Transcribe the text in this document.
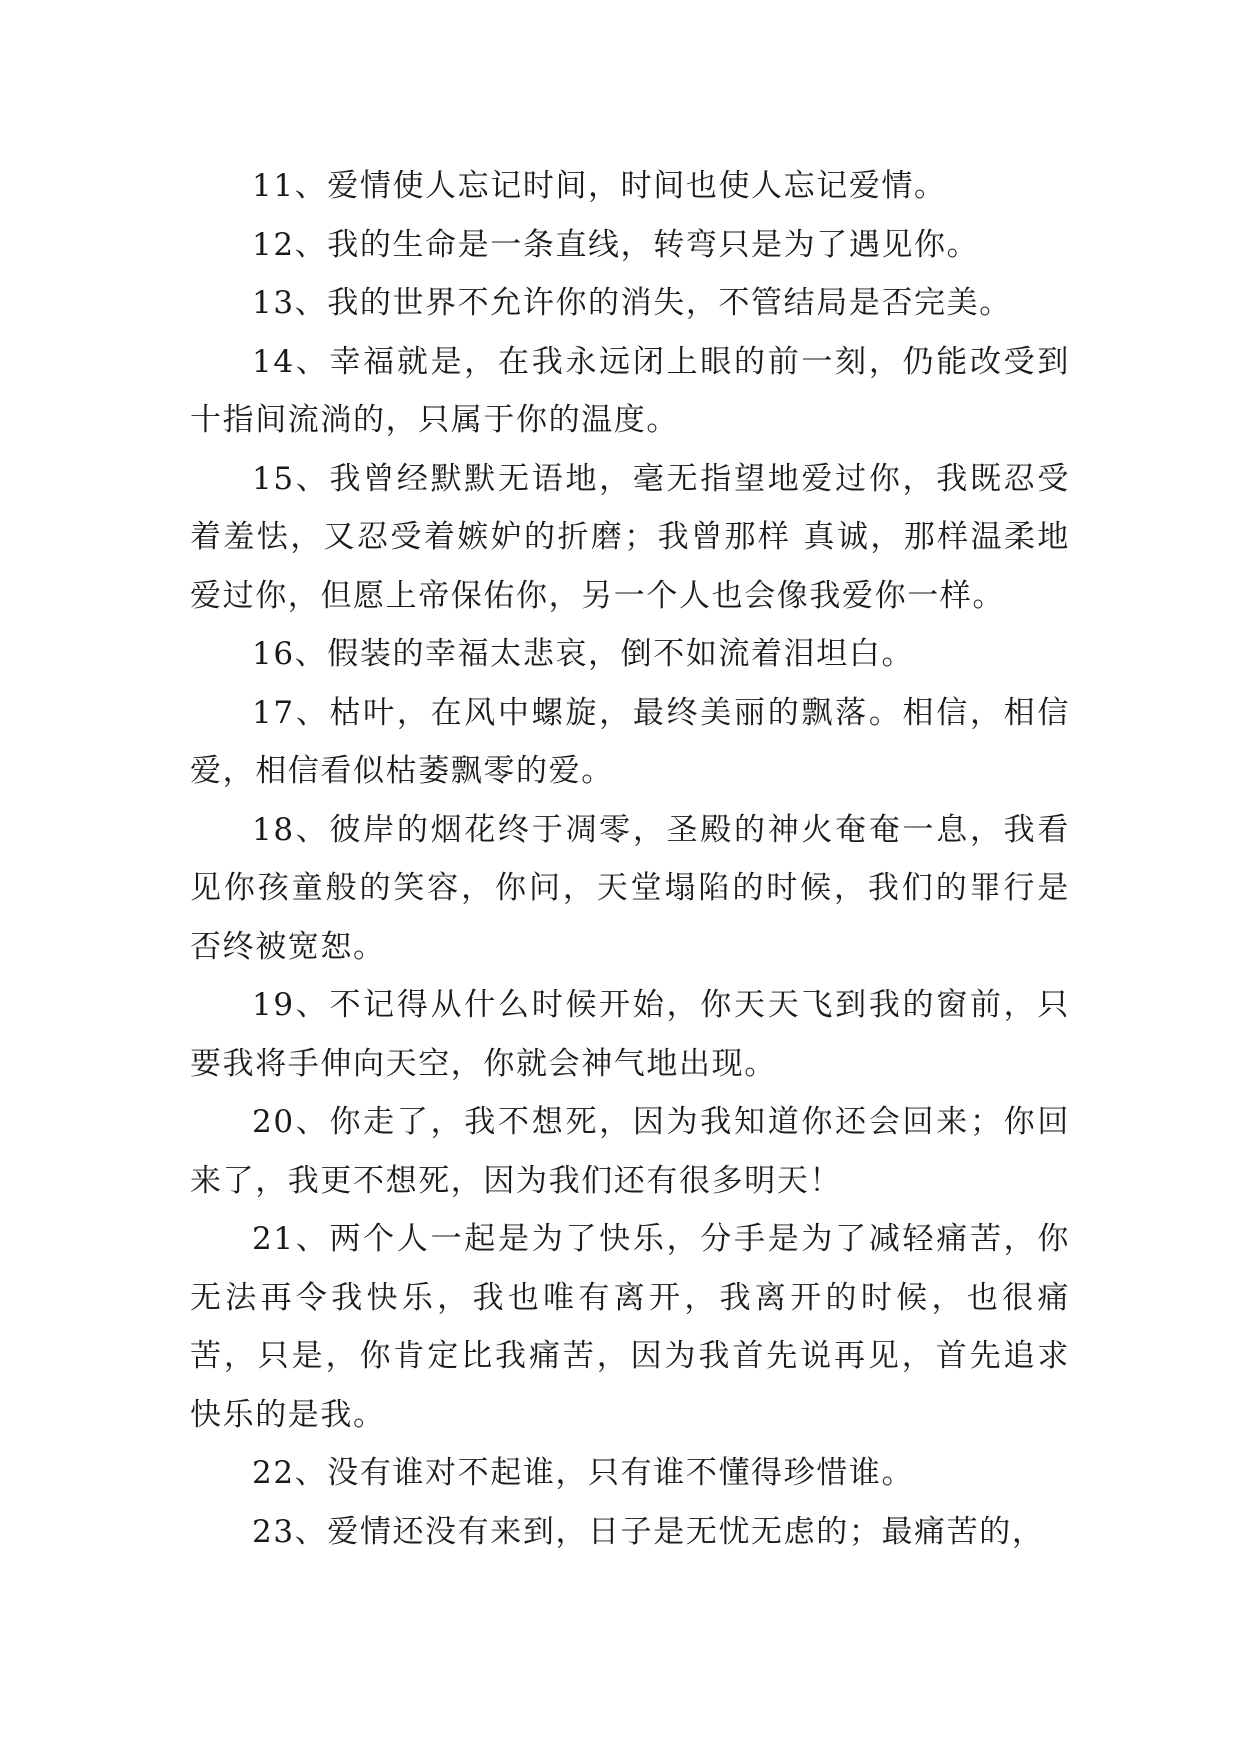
11、爱情使人忘记时间，时间也使人忘记爱情。

12、我的生命是一条直线，转弯只是为了遇见你。

13、我的世界不允许你的消失，不管结局是否完美。

14、幸福就是，在我永远闭上眼的前一刻，仍能改受到十指间流淌的，只属于你的温度。

15、我曾经默默无语地，毫无指望地爱过你，我既忍受着羞怯，又忍受着嫉妒的折磨；我曾那样 真诚，那样温柔地爱过你，但愿上帝保佑你，另一个人也会像我爱你一样。

16、假装的幸福太悲哀，倒不如流着泪坦白。

17、枯叶，在风中螺旋，最终美丽的飘落。相信，相信爱，相信看似枯萎飘零的爱。

18、彼岸的烟花终于凋零，圣殿的神火奄奄一息，我看见你孩童般的笑容，你问，天堂塌陷的时候，我们的罪行是否终被宽恕。

19、不记得从什么时候开始，你天天飞到我的窗前，只要我将手伸向天空，你就会神气地出现。

20、你走了，我不想死，因为我知道你还会回来；你回来了，我更不想死，因为我们还有很多明天！

21、两个人一起是为了快乐，分手是为了减轻痛苦，你无法再令我快乐，我也唯有离开，我离开的时候，也很痛苦，只是，你肯定比我痛苦，因为我首先说再见，首先追求快乐的是我。

22、没有谁对不起谁，只有谁不懂得珍惜谁。

23、爱情还没有来到，日子是无忧无虑的；最痛苦的，
